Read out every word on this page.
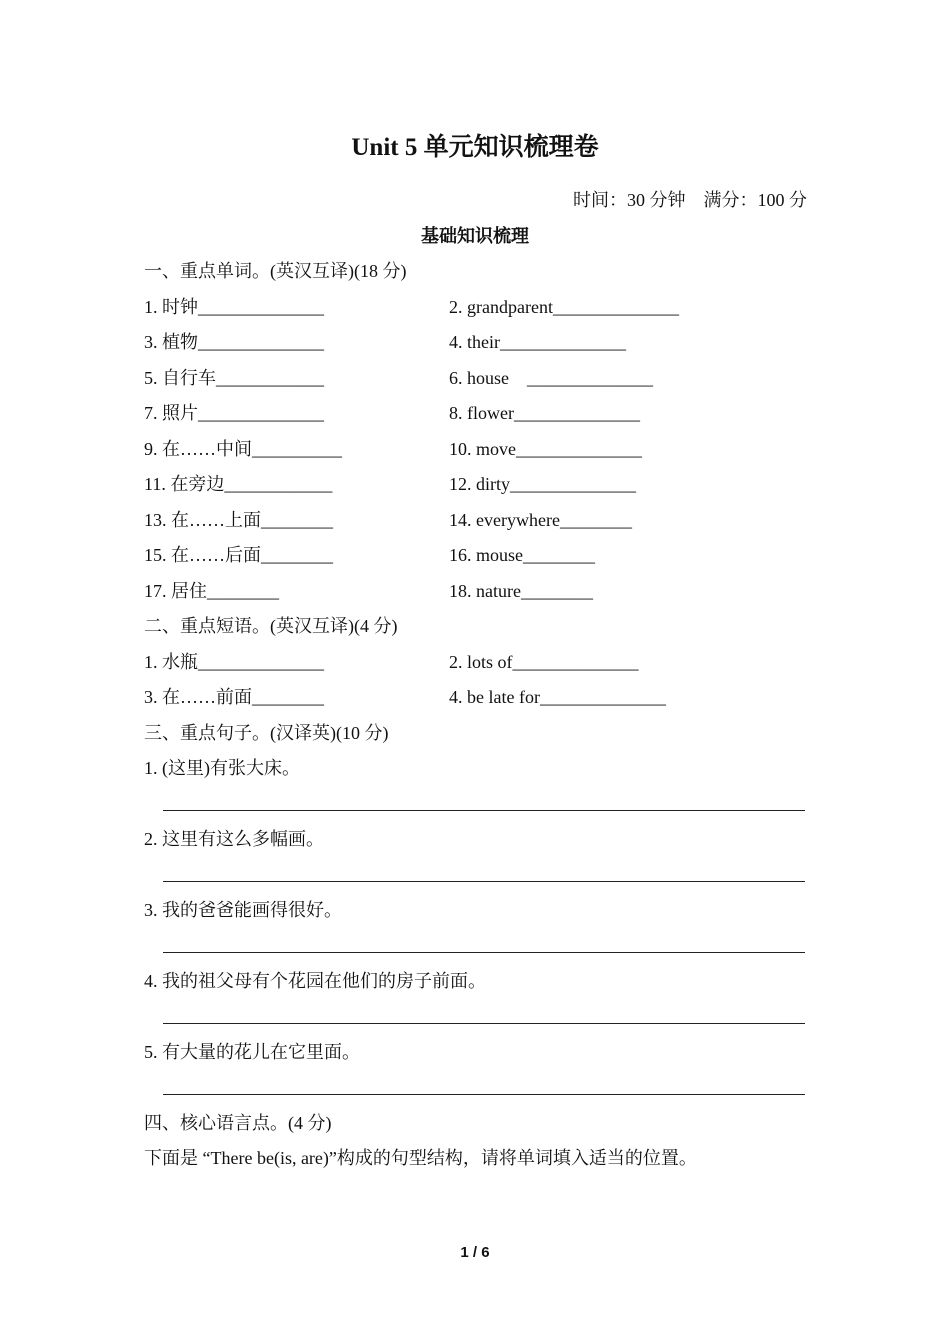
Unit 5 单元知识梳理卷
时间：30 分钟    满分：100 分
基础知识梳理
一、重点单词。(英汉互译)(18 分)
1. 时钟______________	2. grandparent______________
3. 植物______________	4. their______________
5. 自行车____________	6. house    ______________
7. 照片______________	8. flower______________
9. 在……中间__________	10. move______________
11. 在旁边____________	12. dirty______________
13. 在……上面________	14. everywhere________
15. 在……后面________	16. mouse________
17. 居住________	18. nature________
二、重点短语。(英汉互译)(4 分)
1. 水瓶______________	2. lots of______________
3. 在……前面________	4. be late for______________
三、重点句子。(汉译英)(10 分)
1. (这里)有张大床。
2. 这里有这么多幅画。
3. 我的爸爸能画得很好。
4. 我的祖父母有个花园在他们的房子前面。
5. 有大量的花儿在它里面。
四、核心语言点。(4 分)
下面是 “There be(is, are)”构成的句型结构，请将单词填入适当的位置。
1 / 6
